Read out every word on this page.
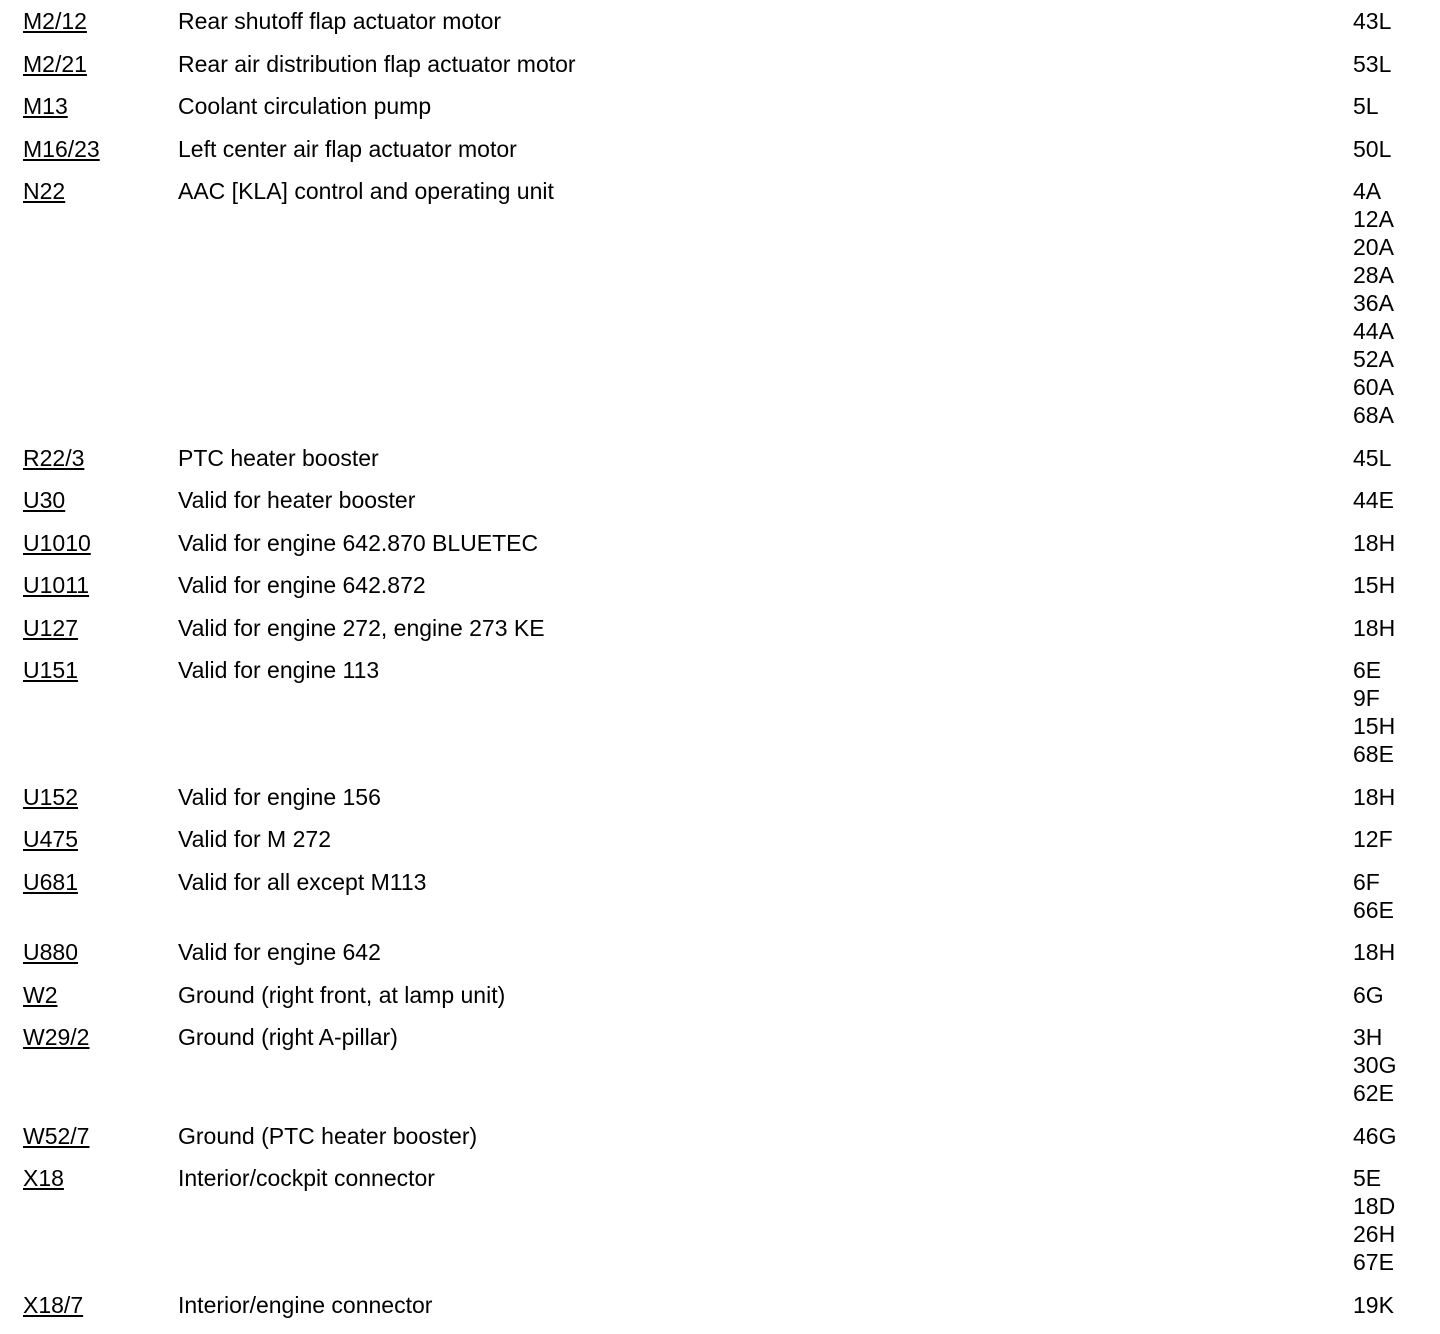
M2/12	Rear shutoff flap actuator motor	43L
M2/21	Rear air distribution flap actuator motor	53L
M13	Coolant circulation pump	5L
M16/23	Left center air flap actuator motor	50L
N22	AAC [KLA] control and operating unit	4A
12A
20A
28A
36A
44A
52A
60A
68A
R22/3	PTC heater booster	45L
U30	Valid for heater booster	44E
U1010	Valid for engine 642.870 BLUETEC	18H
U1011	Valid for engine 642.872	15H
U127	Valid for engine 272, engine 273 KE	18H
U151	Valid for engine 113	6E
9F
15H
68E
U152	Valid for engine 156	18H
U475	Valid for M 272	12F
U681	Valid for all except M113	6F
66E
U880	Valid for engine 642	18H
W2	Ground (right front, at lamp unit)	6G
W29/2	Ground (right A-pillar)	3H
30G
62E
W52/7	Ground (PTC heater booster)	46G
X18	Interior/cockpit connector	5E
18D
26H
67E
X18/7	Interior/engine connector	19K
